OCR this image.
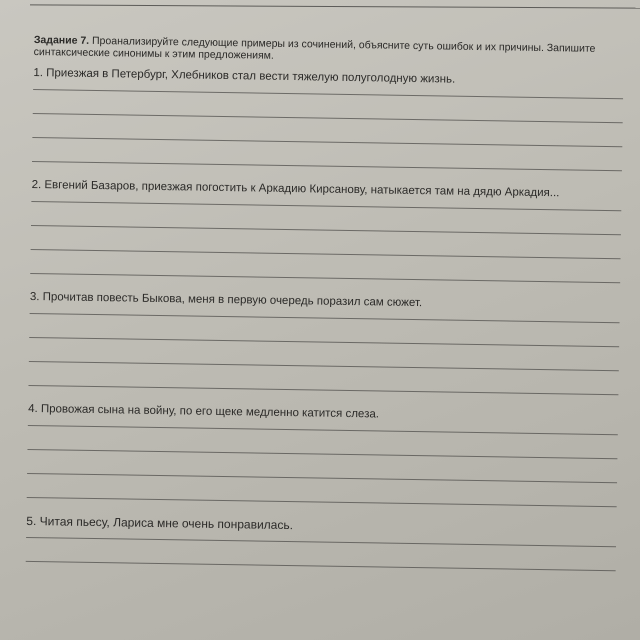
Задание 7. Проанализируйте следующие примеры из сочинений, объясните суть ошибок и их причины. Запишите синтаксические синонимы к этим предложениям.

1. Приезжая в Петербург, Хлебников стал вести тяжелую полуголодную жизнь.
2. Евгений Базаров, приезжая погостить к Аркадию Кирсанову, натыкается там на дядю Аркадия...
3. Прочитав повесть Быкова, меня в первую очередь поразил сам сюжет.
4. Провожая сына на войну, по его щеке медленно катится слеза.
5. Читая пьесу, Лариса мне очень понравилась.
